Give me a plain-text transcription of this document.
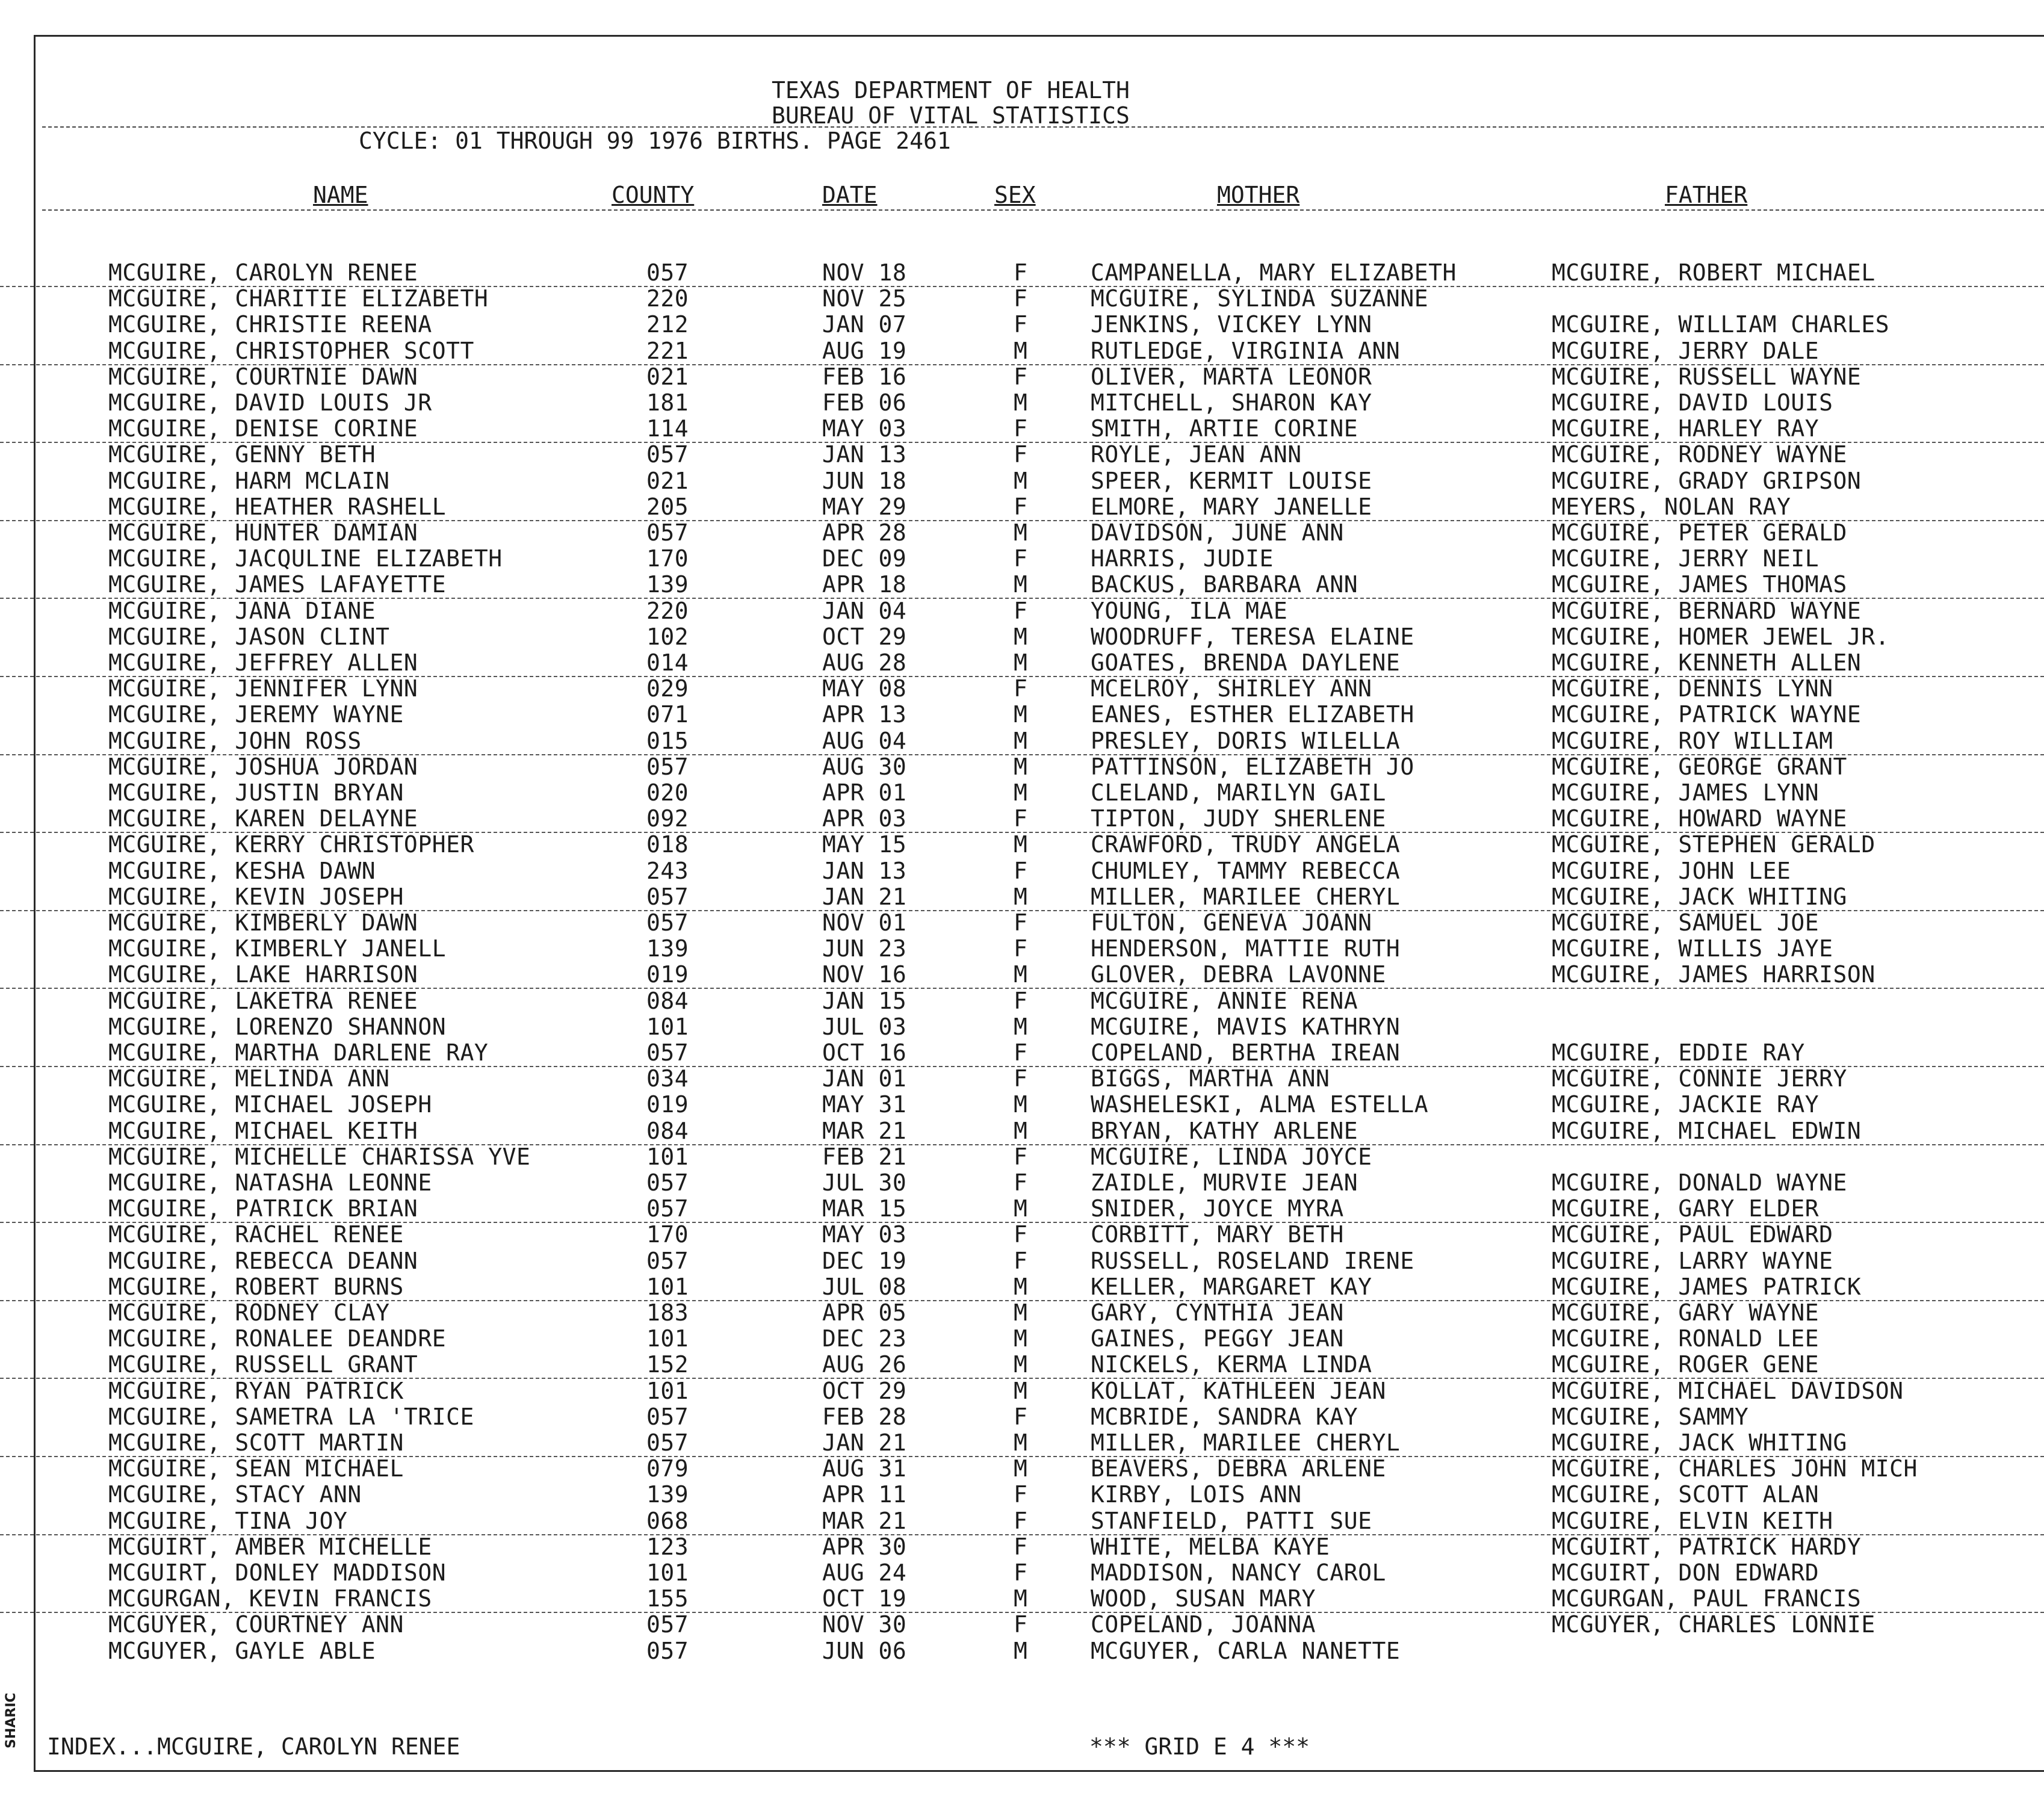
SHARIC
TEXAS DEPARTMENT OF HEALTH
BUREAU OF VITAL STATISTICS
CYCLE: 01 THROUGH 99 1976 BIRTHS. PAGE 2461
NAME	COUNTY	DATE	SEX	MOTHER	FATHER
MCGUIRE, CAROLYN RENEE	057	NOV 18	F	CAMPANELLA, MARY ELIZABETH	MCGUIRE, ROBERT MICHAEL
MCGUIRE, CHARITIE ELIZABETH	220	NOV 25	F	MCGUIRE, SYLINDA SUZANNE
MCGUIRE, CHRISTIE REENA	212	JAN 07	F	JENKINS, VICKEY LYNN	MCGUIRE, WILLIAM CHARLES
MCGUIRE, CHRISTOPHER SCOTT	221	AUG 19	M	RUTLEDGE, VIRGINIA ANN	MCGUIRE, JERRY DALE
MCGUIRE, COURTNIE DAWN	021	FEB 16	F	OLIVER, MARTA LEONOR	MCGUIRE, RUSSELL WAYNE
MCGUIRE, DAVID LOUIS JR	181	FEB 06	M	MITCHELL, SHARON KAY	MCGUIRE, DAVID LOUIS
MCGUIRE, DENISE CORINE	114	MAY 03	F	SMITH, ARTIE CORINE	MCGUIRE, HARLEY RAY
MCGUIRE, GENNY BETH	057	JAN 13	F	ROYLE, JEAN ANN	MCGUIRE, RODNEY WAYNE
MCGUIRE, HARM MCLAIN	021	JUN 18	M	SPEER, KERMIT LOUISE	MCGUIRE, GRADY GRIPSON
MCGUIRE, HEATHER RASHELL	205	MAY 29	F	ELMORE, MARY JANELLE	MEYERS, NOLAN RAY
MCGUIRE, HUNTER DAMIAN	057	APR 28	M	DAVIDSON, JUNE ANN	MCGUIRE, PETER GERALD
MCGUIRE, JACQULINE ELIZABETH	170	DEC 09	F	HARRIS, JUDIE	MCGUIRE, JERRY NEIL
MCGUIRE, JAMES LAFAYETTE	139	APR 18	M	BACKUS, BARBARA ANN	MCGUIRE, JAMES THOMAS
MCGUIRE, JANA DIANE	220	JAN 04	F	YOUNG, ILA MAE	MCGUIRE, BERNARD WAYNE
MCGUIRE, JASON CLINT	102	OCT 29	M	WOODRUFF, TERESA ELAINE	MCGUIRE, HOMER JEWEL JR.
MCGUIRE, JEFFREY ALLEN	014	AUG 28	M	GOATES, BRENDA DAYLENE	MCGUIRE, KENNETH ALLEN
MCGUIRE, JENNIFER LYNN	029	MAY 08	F	MCELROY, SHIRLEY ANN	MCGUIRE, DENNIS LYNN
MCGUIRE, JEREMY WAYNE	071	APR 13	M	EANES, ESTHER ELIZABETH	MCGUIRE, PATRICK WAYNE
MCGUIRE, JOHN ROSS	015	AUG 04	M	PRESLEY, DORIS WILELLA	MCGUIRE, ROY WILLIAM
MCGUIRE, JOSHUA JORDAN	057	AUG 30	M	PATTINSON, ELIZABETH JO	MCGUIRE, GEORGE GRANT
MCGUIRE, JUSTIN BRYAN	020	APR 01	M	CLELAND, MARILYN GAIL	MCGUIRE, JAMES LYNN
MCGUIRE, KAREN DELAYNE	092	APR 03	F	TIPTON, JUDY SHERLENE	MCGUIRE, HOWARD WAYNE
MCGUIRE, KERRY CHRISTOPHER	018	MAY 15	M	CRAWFORD, TRUDY ANGELA	MCGUIRE, STEPHEN GERALD
MCGUIRE, KESHA DAWN	243	JAN 13	F	CHUMLEY, TAMMY REBECCA	MCGUIRE, JOHN LEE
MCGUIRE, KEVIN JOSEPH	057	JAN 21	M	MILLER, MARILEE CHERYL	MCGUIRE, JACK WHITING
MCGUIRE, KIMBERLY DAWN	057	NOV 01	F	FULTON, GENEVA JOANN	MCGUIRE, SAMUEL JOE
MCGUIRE, KIMBERLY JANELL	139	JUN 23	F	HENDERSON, MATTIE RUTH	MCGUIRE, WILLIS JAYE
MCGUIRE, LAKE HARRISON	019	NOV 16	M	GLOVER, DEBRA LAVONNE	MCGUIRE, JAMES HARRISON
MCGUIRE, LAKETRA RENEE	084	JAN 15	F	MCGUIRE, ANNIE RENA
MCGUIRE, LORENZO SHANNON	101	JUL 03	M	MCGUIRE, MAVIS KATHRYN
MCGUIRE, MARTHA DARLENE RAY	057	OCT 16	F	COPELAND, BERTHA IREAN	MCGUIRE, EDDIE RAY
MCGUIRE, MELINDA ANN	034	JAN 01	F	BIGGS, MARTHA ANN	MCGUIRE, CONNIE JERRY
MCGUIRE, MICHAEL JOSEPH	019	MAY 31	M	WASHELESKI, ALMA ESTELLA	MCGUIRE, JACKIE RAY
MCGUIRE, MICHAEL KEITH	084	MAR 21	M	BRYAN, KATHY ARLENE	MCGUIRE, MICHAEL EDWIN
MCGUIRE, MICHELLE CHARISSA YVE	101	FEB 21	F	MCGUIRE, LINDA JOYCE
MCGUIRE, NATASHA LEONNE	057	JUL 30	F	ZAIDLE, MURVIE JEAN	MCGUIRE, DONALD WAYNE
MCGUIRE, PATRICK BRIAN	057	MAR 15	M	SNIDER, JOYCE MYRA	MCGUIRE, GARY ELDER
MCGUIRE, RACHEL RENEE	170	MAY 03	F	CORBITT, MARY BETH	MCGUIRE, PAUL EDWARD
MCGUIRE, REBECCA DEANN	057	DEC 19	F	RUSSELL, ROSELAND IRENE	MCGUIRE, LARRY WAYNE
MCGUIRE, ROBERT BURNS	101	JUL 08	M	KELLER, MARGARET KAY	MCGUIRE, JAMES PATRICK
MCGUIRE, RODNEY CLAY	183	APR 05	M	GARY, CYNTHIA JEAN	MCGUIRE, GARY WAYNE
MCGUIRE, RONALEE DEANDRE	101	DEC 23	M	GAINES, PEGGY JEAN	MCGUIRE, RONALD LEE
MCGUIRE, RUSSELL GRANT	152	AUG 26	M	NICKELS, KERMA LINDA	MCGUIRE, ROGER GENE
MCGUIRE, RYAN PATRICK	101	OCT 29	M	KOLLAT, KATHLEEN JEAN	MCGUIRE, MICHAEL DAVIDSON
MCGUIRE, SAMETRA LA 'TRICE	057	FEB 28	F	MCBRIDE, SANDRA KAY	MCGUIRE, SAMMY
MCGUIRE, SCOTT MARTIN	057	JAN 21	M	MILLER, MARILEE CHERYL	MCGUIRE, JACK WHITING
MCGUIRE, SEAN MICHAEL	079	AUG 31	M	BEAVERS, DEBRA ARLENE	MCGUIRE, CHARLES JOHN MICH
MCGUIRE, STACY ANN	139	APR 11	F	KIRBY, LOIS ANN	MCGUIRE, SCOTT ALAN
MCGUIRE, TINA JOY	068	MAR 21	F	STANFIELD, PATTI SUE	MCGUIRE, ELVIN KEITH
MCGUIRT, AMBER MICHELLE	123	APR 30	F	WHITE, MELBA KAYE	MCGUIRT, PATRICK HARDY
MCGUIRT, DONLEY MADDISON	101	AUG 24	F	MADDISON, NANCY CAROL	MCGUIRT, DON EDWARD
MCGURGAN, KEVIN FRANCIS	155	OCT 19	M	WOOD, SUSAN MARY	MCGURGAN, PAUL FRANCIS
MCGUYER, COURTNEY ANN	057	NOV 30	F	COPELAND, JOANNA	MCGUYER, CHARLES LONNIE
MCGUYER, GAYLE ABLE	057	JUN 06	M	MCGUYER, CARLA NANETTE
INDEX...MCGUIRE, CAROLYN RENEE	*** GRID E 4 ***
